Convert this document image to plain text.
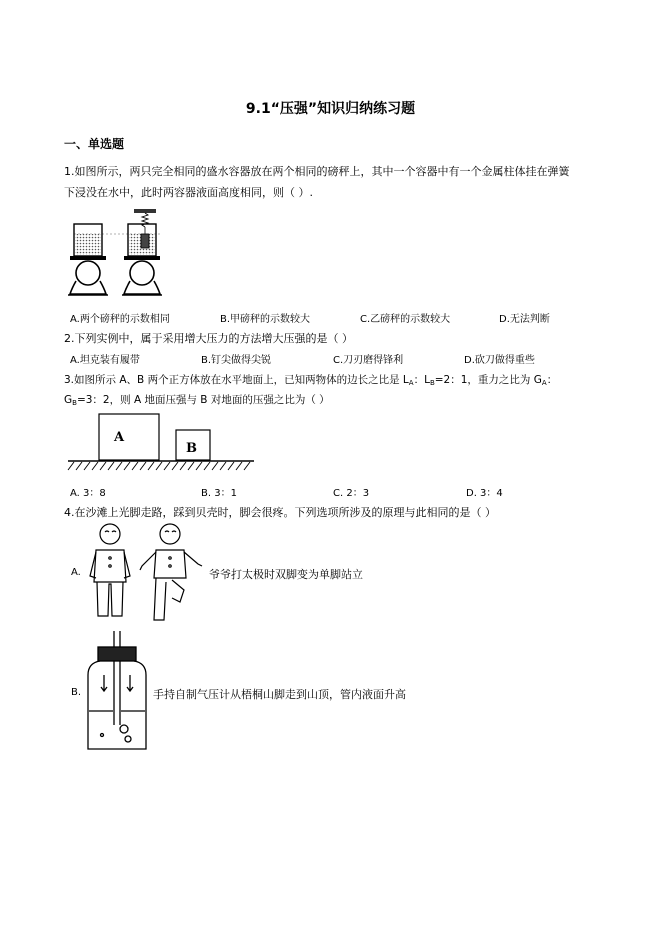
9.1“压强”知识归纳练习题
一、单选题
1.如图所示，两只完全相同的盛水容器放在两个相同的磅秤上，其中一个容器中有一个金属柱体挂在弹簧
下浸没在水中，此时两容器液面高度相同，则（ ）.
A.两个磅秤的示数相同	B.甲磅秤的示数较大	C.乙磅秤的示数较大	D.无法判断
2.下列实例中，属于采用增大压力的方法增大压强的是（ ）
A.坦克装有履带	B.钉尖做得尖锐	C.刀刃磨得锋利	D.砍刀做得重些
3.如图所示 A、B 两个正方体放在水平地面上，已知两物体的边长之比是 $L_A$：$L_B=2$：1，重力之比为 $G_A$：
$G_B=3$：2，则 A 地面压强与 B 对地面的压强之比为（ ）
A
B
A. 3：8	B. 3：1	C. 2：3	D. 3：4
4.在沙滩上光脚走路，踩到贝壳时，脚会很疼。下列选项所涉及的原理与此相同的是（ ）
A.	爷爷打太极时双脚变为单脚站立
B.	手持自制气压计从梧桐山脚走到山顶，管内液面升高
